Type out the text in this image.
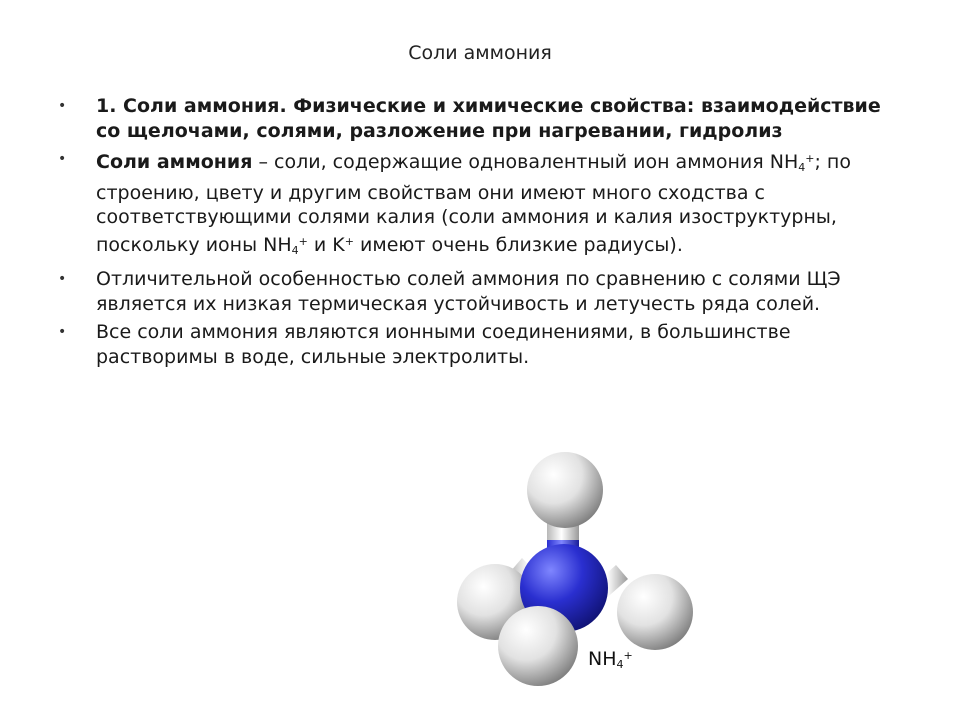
Соли аммония
• 1. Соли аммония. Физические и химические свойства: взаимодействие со щелочами, солями, разложение при нагревании, гидролиз
• Соли аммония – соли, содержащие одновалентный ион аммония $NH_4^+$; по строению, цвету и другим свойствам они имеют много сходства с соответствующими солями калия (соли аммония и калия изоструктурны, поскольку ионы $NH_4^+$ и K+ имеют очень близкие радиусы).
• Отличительной особенностью солей аммония по сравнению с солями ЩЭ является их низкая термическая устойчивость и летучесть ряда солей.
• Все соли аммония являются ионными соединениями, в большинстве растворимы в воде, сильные электролиты.
$NH_4^+$
